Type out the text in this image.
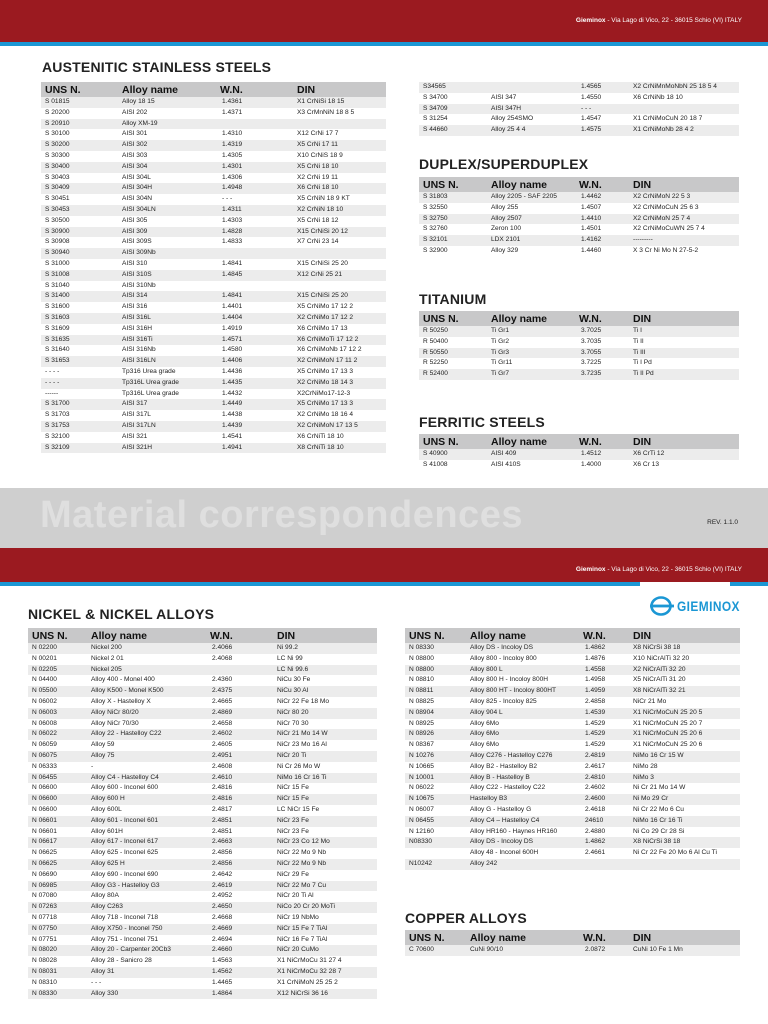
Gieminox - Via Lago di Vico, 22 - 36015 Schio (VI) ITALY
AUSTENITIC STAINLESS STEELS
UNS N.	Alloy name	W.N.	DIN
S 01815	Alloy 18 15	1.4361	X1 CrNiSi 18 15
S 20200	AISI 202	1.4371	X3 CrMnNiN 18 8 5
S 20910	Alloy XM-19		
S 30100	AISI 301	1.4310	X12 CrNi 17 7
S 30200	AISI 302	1.4319	X5 CrNi 17 11
S 30300	AISI 303	1.4305	X10 CrNiS 18 9
S 30400	AISI 304	1.4301	X5 CrNi 18 10
S 30403	AISI 304L	1.4306	X2 CrNi 19 11
S 30409	AISI 304H	1.4948	X6 CrNi 18 10
S 30451	AISI 304N	- - -	X5 CrNiN 18 9 KT
S 30453	AISI 304LN	1.4311	X2 CrNiN 18 10
S 30500	AISI 305	1.4303	X5 CrNi 18 12
S 30900	AISI 309	1.4828	X15 CrNiSi 20 12
S 30908	AISI 309S	1.4833	X7 CrNi 23 14
S 30940	AISI 309Nb		
S 31000	AISI 310	1.4841	X15 CrNiSi 25 20
S 31008	AISI 310S	1.4845	X12 CrNi 25 21
S 31040	AISI 310Nb		
S 31400	AISI 314	1.4841	X15 CrNiSi 25 20
S 31600	AISI 316	1.4401	X5 CrNiMo 17 12 2
S 31603	AISI 316L	1.4404	X2 CrNiMo 17 12 2
S 31609	AISI 316H	1.4919	X6 CrNiMo 17 13
S 31635	AISI 316Ti	1.4571	X6 CrNiMoTi 17 12 2
S 31640	AISI 316Nb	1.4580	X6 CrNiMoNb 17 12 2
S 31653	AISI 316LN	1.4406	X2 CrNiMoN 17 11 2
- - - -	Tp316 Urea grade	1.4436	X5 CrNiMo 17 13 3
- - - -	Tp316L Urea grade	1.4435	X2 CrNiMo 18 14 3
------	Tp316L Urea grade	1.4432	X2CrNiMo17-12-3
S 31700	AISI 317	1.4449	X5 CrNiMo 17 13 3
S 31703	AISI 317L	1.4438	X2 CrNiMo 18 16 4
S 31753	AISI 317LN	1.4439	X2 CrNiMoN 17 13 5
S 32100	AISI 321	1.4541	X6 CrNiTi 18 10
S 32109	AISI 321H	1.4941	X8 CrNiTi 18 10
S34565		1.4565	X2 CrNiMnMoNbN 25 18 5 4
S 34700	AISI 347	1.4550	X6 CrNiNb 18 10
S 34709	AISI 347H	- - -	
S 31254	Alloy 254SMO	1.4547	X1 CrNiMoCuN 20 18 7
S 44660	Alloy 25 4 4	1.4575	X1 CrNiMoNb 28 4 2
DUPLEX/SUPERDUPLEX
UNS N.	Alloy name	W.N.	DIN
S 31803	Alloy 2205 - SAF 2205	1.4462	X2 CrNiMoN 22 5 3
S 32550	Alloy 255	1.4507	X2 CrNiMoCuN 25 6 3
S 32750	Alloy 2507	1.4410	X2 CrNiMoN 25 7 4
S 32760	Zeron 100	1.4501	X2 CrNiMoCuWN 25 7 4
S 32101	LDX 2101	1.4162	---------
S 32900	Alloy 329	1.4460	X 3 Cr Ni Mo N 27-5-2
TITANIUM
UNS N.	Alloy name	W.N.	DIN
R 50250	Ti Gr1	3.7025	Ti I
R 50400	Ti Gr2	3.7035	Ti II
R 50550	Ti Gr3	3.7055	Ti III
R 52250	Ti Gr11	3.7225	Ti I Pd
R 52400	Ti Gr7	3.7235	Ti II Pd
FERRITIC STEELS
UNS N.	Alloy name	W.N.	DIN
S 40900	AISI 409	1.4512	X6 CrTi 12
S 41008	AISI 410S	1.4000	X6 Cr 13
Material correspondences	REV. 1.1.0
Gieminox - Via Lago di Vico, 22 - 36015 Schio (VI) ITALY
GIEMINOX
NICKEL & NICKEL ALLOYS
UNS N.	Alloy name	W.N.	DIN
N 02200	Nickel 200	2.4066	Ni 99.2
N 00201	Nickel 2 01	2.4068	LC Ni 99
N 02205	Nickel 205		LC Ni 99.6
N 04400	Alloy 400 - Monel 400	2.4360	NiCu 30 Fe
N 05500	Alloy K500 - Monel K500	2.4375	NiCu 30 Al
N 06002	Alloy X - Hastelloy X	2.4665	NiCr 22 Fe 18 Mo
N 06003	Alloy NiCr 80/20	2.4869	NiCr 80 20
N 06008	Alloy NiCr 70/30	2.4658	NiCr 70 30
N 06022	Alloy 22 - Hastelloy C22	2.4602	NiCr 21 Mo 14 W
N 06059	Alloy 59	2.4605	NiCr 23 Mo 16 Al
N 06075	Alloy 75	2.4951	NiCr 20 Ti
N 06333	-	2.4608	Ni Cr 26 Mo W
N 06455	Alloy C4 - Hastelloy C4	2.4610	NiMo 16 Cr 16 Ti
N 06600	Alloy 600 - Inconel 600	2.4816	NiCr 15 Fe
N 06600	Alloy 600 H	2.4816	NiCr 15 Fe
N 06600	Alloy 600L	2.4817	LC NiCr 15 Fe
N 06601	Alloy 601 - Inconel 601	2.4851	NiCr 23 Fe
N 06601	Alloy 601H	2.4851	NiCr 23 Fe
N 06617	Alloy 617 - Inconel 617	2.4663	NiCr 23 Co 12 Mo
N 06625	Alloy 625 - Inconel 625	2.4856	NiCr 22 Mo 9 Nb
N 06625	Alloy 625 H	2.4856	NiCr 22 Mo 9 Nb
N 06690	Alloy 690 - Inconel 690	2.4642	NiCr 29 Fe
N 06985	Alloy G3 - Hastelloy G3	2.4619	NiCr 22 Mo 7 Cu
N 07080	Alloy 80A	2.4952	NiCr 20 Ti Al
N 07263	Alloy C263	2.4650	NiCo 20 Cr 20 MoTi
N 07718	Alloy 718 - Inconel 718	2.4668	NiCr 19 NbMo
N 07750	Alloy X750 - Inconel 750	2.4669	NiCr 15 Fe 7 TiAl
N 07751	Alloy 751 - Inconel 751	2.4694	NiCr 16 Fe 7 TiAl
N 08020	Alloy 20 - Carpenter 20Cb3	2.4660	NiCr 20 CuMo
N 08028	Alloy 28 - Sanicro 28	1.4563	X1 NiCrMoCu 31 27 4
N 08031	Alloy 31	1.4562	X1 NiCrMoCu 32 28 7
N 08310	- - -	1.4465	X1 CrNiMoN 25 25 2
N 08330	Alloy 330	1.4864	X12 NiCrSi 36 16
UNS N.	Alloy name	W.N.	DIN
N 08330	Alloy DS - Incoloy DS	1.4862	X8 NiCrSi 38 18
N 08800	Alloy 800 - Incoloy 800	1.4876	X10 NiCrAlTi 32 20
N 08800	Alloy 800 L	1.4558	X2 NiCrAlTi 32 20
N 08810	Alloy 800 H - Incoloy 800H	1.4958	X5 NiCrAlTi 31 20
N 08811	Alloy 800 HT - Incoloy 800HT	1.4959	X8 NiCrAlTi 32 21
N 08825	Alloy 825 - Incoloy 825	2.4858	NiCr 21 Mo
N 08904	Alloy 904 L	1.4539	X1 NiCrMoCuN 25 20 5
N 08925	Alloy 6Mo	1.4529	X1 NiCrMoCuN 25 20 7
N 08926	Alloy 6Mo	1.4529	X1 NiCrMoCuN 25 20 6
N 08367	Alloy 6Mo	1.4529	X1 NiCrMoCuN 25 20 6
N 10276	Alloy C276 - Hastelloy C276	2.4819	NiMo 16 Cr 15 W
N 10665	Alloy B2 - Hastelloy B2	2.4617	NiMo 28
N 10001	Alloy B - Hastelloy B	2.4810	NiMo 3
N 06022	Alloy C22 - Hastelloy C22	2.4602	Ni Cr 21 Mo 14 W
N 10675	Hastelloy B3	2.4600	Ni Mo 29 Cr
N 06007	Alloy G - Hastelloy G	2.4618	Ni Cr 22 Mo 6 Cu
N 06455	Alloy C4 – Hastelloy C4	24610	NiMo 16 Cr 16 Ti
N 12160	Alloy HR160 - Haynes HR160	2.4880	Ni Co 29 Cr 28 Si
N08330	Alloy DS - Incoloy DS	1.4862	X8 NiCrSi 38 18
	Alloy 48 - Inconel 600H	2.4661	Ni Cr 22 Fe 20 Mo 6 Al Cu Ti
N10242	Alloy 242		
COPPER ALLOYS
UNS N.	Alloy name	W.N.	DIN
C 70600	CuNi 90/10	2.0872	CuNi 10 Fe 1 Mn
